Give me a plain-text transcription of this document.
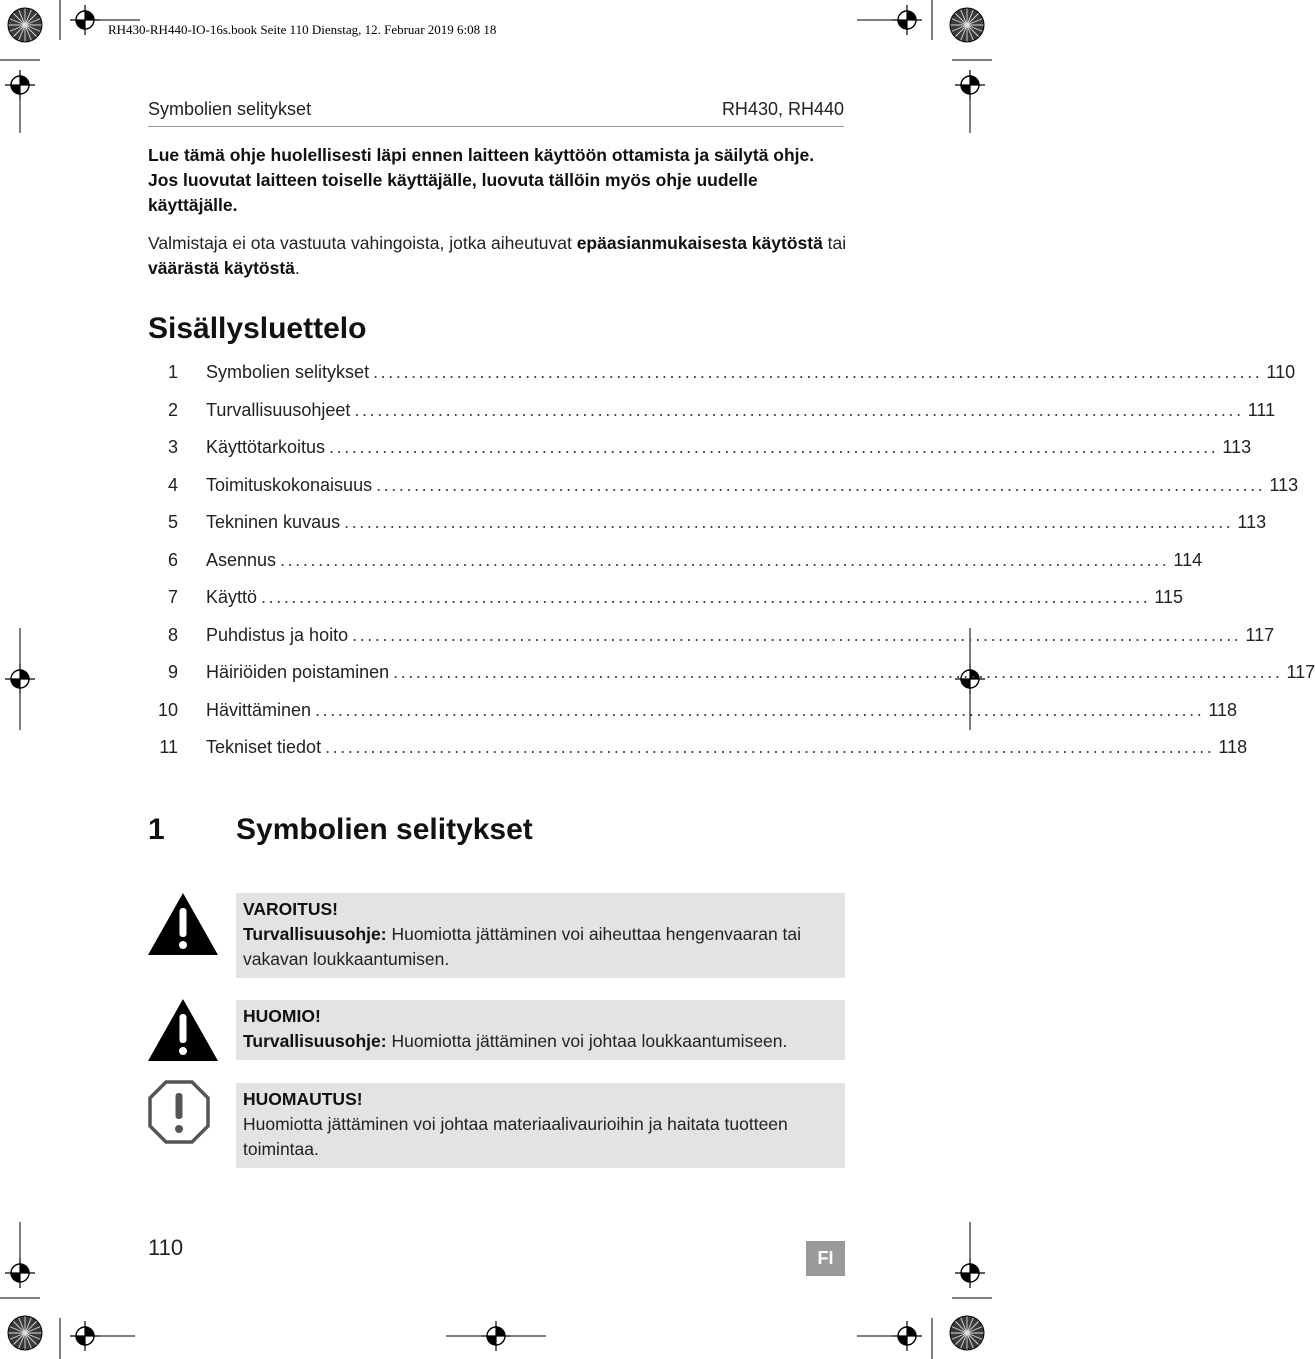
RH430-RH440-IO-16s.book Seite 110 Dienstag, 12. Februar 2019 6:08 18
Symbolien selitykset	RH430, RH440
Lue tämä ohje huolellisesti läpi ennen laitteen käyttöön ottamista ja säilytä ohje. Jos luovutat laitteen toiselle käyttäjälle, luovuta tällöin myös ohje uudelle käyttäjälle.
Valmistaja ei ota vastuuta vahingoista, jotka aiheutuvat epäasianmukaisesta käytöstä tai väärästä käytöstä.
Sisällysluettelo
1 Symbolien selitykset ..................................................................................................................... 110
2 Turvallisuusohjeet ..................................................................................................................... 111
3 Käyttötarkoitus ..................................................................................................................... 113
4 Toimituskokonaisuus ..................................................................................................................... 113
5 Tekninen kuvaus ..................................................................................................................... 113
6 Asennus ..................................................................................................................... 114
7 Käyttö ..................................................................................................................... 115
8 Puhdistus ja hoito ..................................................................................................................... 117
9 Häiriöiden poistaminen ..................................................................................................................... 117
10 Hävittäminen ..................................................................................................................... 118
11 Tekniset tiedot ..................................................................................................................... 118
1 Symbolien selitykset
VAROITUS!
Turvallisuusohje: Huomiotta jättäminen voi aiheuttaa hengenvaaran tai vakavan loukkaantumisen.
HUOMIO!
Turvallisuusohje: Huomiotta jättäminen voi johtaa loukkaantumiseen.
HUOMAUTUS!
Huomiotta jättäminen voi johtaa materiaalivaurioihin ja haitata tuotteen toimintaa.
110	FI
